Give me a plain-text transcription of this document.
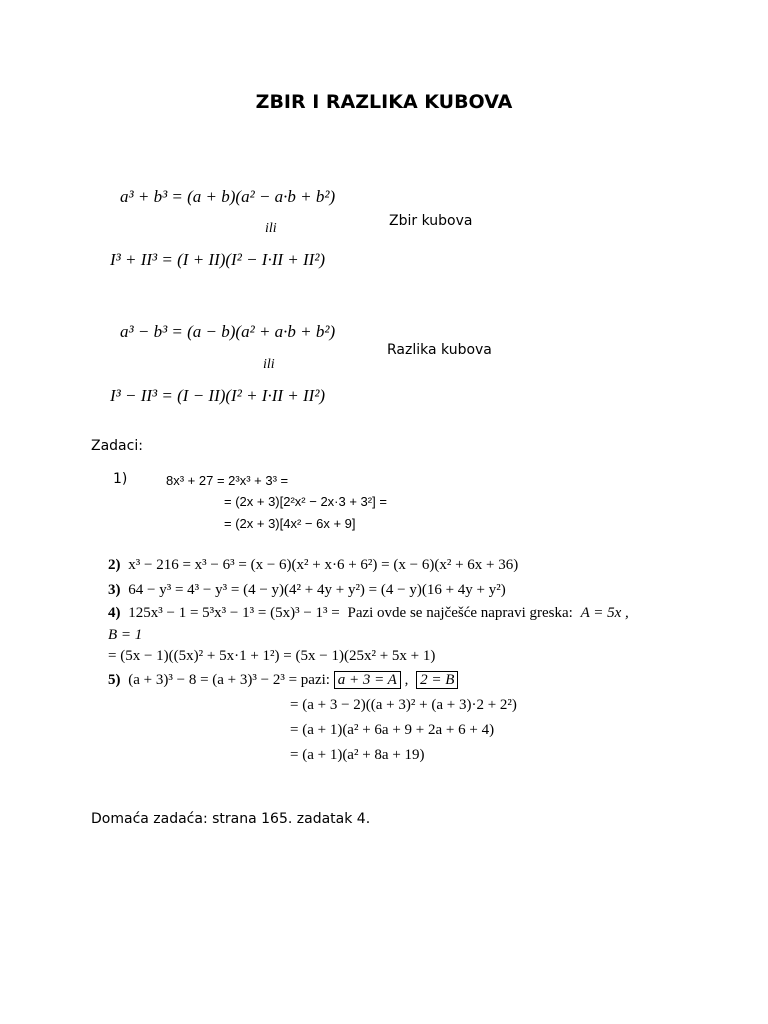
ZBIR I RAZLIKA KUBOVA
a³ + b³ = (a + b)(a² − a·b + b²)
ili
I³ + II³ = (I + II)(I² − I·II + II²)
Zbir kubova
a³ − b³ = (a − b)(a² + a·b + b²)
ili
I³ − II³ = (I − II)(I² + I·II + II²)
Razlika kubova
Zadaci:
1)	8x³ + 27 = 2³x³ + 3³ =
= (2x + 3)[2²x² − 2x·3 + 3²] =
= (2x + 3)[4x² − 6x + 9]
2) x³ − 216 = x³ − 6³ = (x − 6)(x² + x·6 + 6²) = (x − 6)(x² + 6x + 36)
3) 64 − y³ = 4³ − y³ = (4 − y)(4² + 4y + y²) = (4 − y)(16 + 4y + y²)
4) 125x³ − 1 = 5³x³ − 1³ = (5x)³ − 1³ = Pazi ovde se najčešće napravi greska: A = 5x ,
B = 1
= (5x − 1)((5x)² + 5x·1 + 1²) = (5x − 1)(25x² + 5x + 1)
5) (a + 3)³ − 8 = (a + 3)³ − 2³ = pazi: a + 3 = A , 2 = B
= (a + 3 − 2)((a + 3)² + (a + 3)·2 + 2²)
= (a + 1)(a² + 6a + 9 + 2a + 6 + 4)
= (a + 1)(a² + 8a + 19)
Domaća zadaća: strana 165. zadatak 4.
